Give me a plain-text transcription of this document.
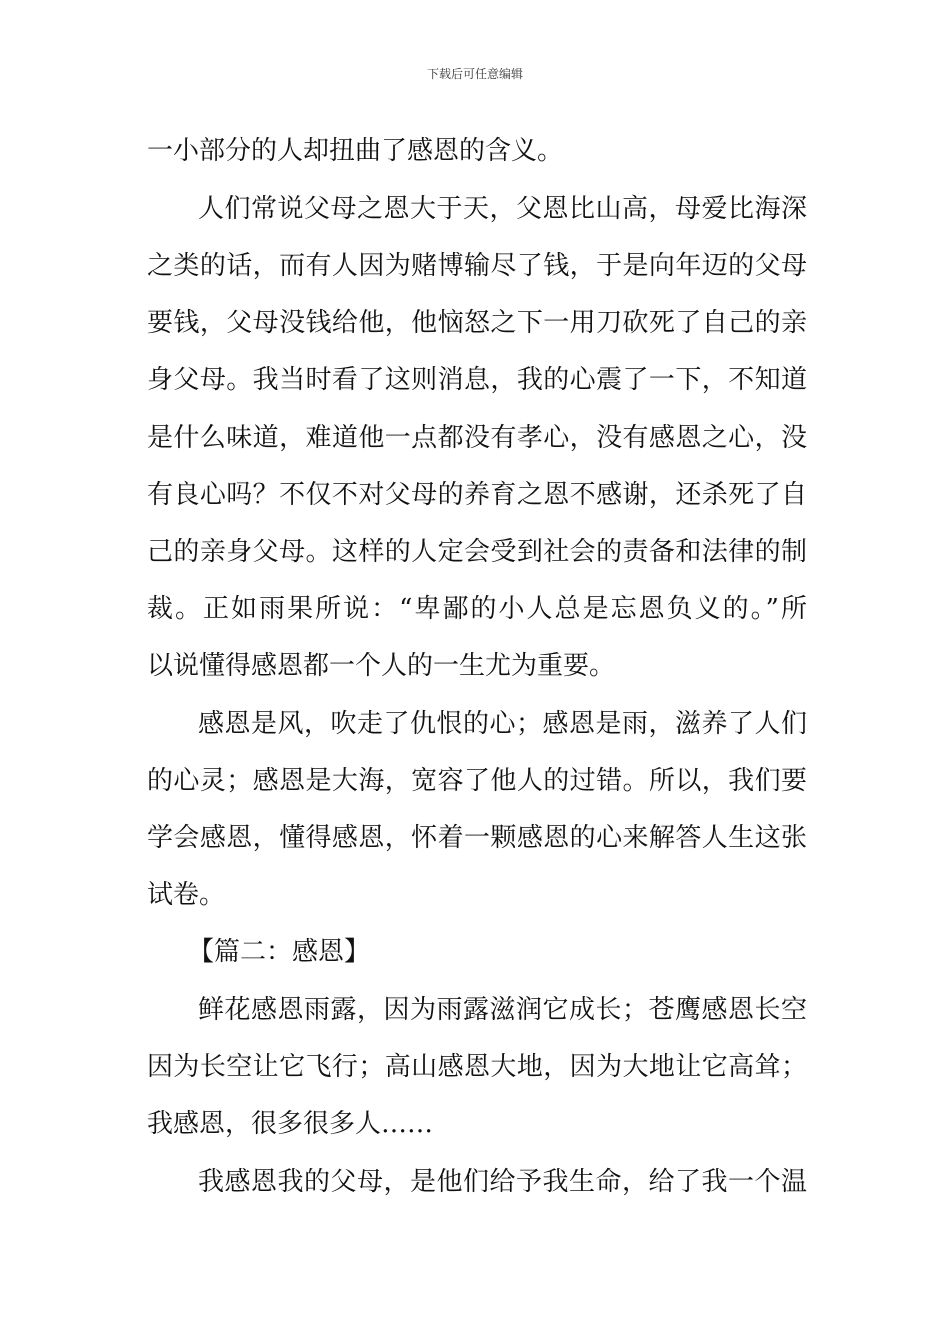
下载后可任意编辑
一小部分的人却扭曲了感恩的含义。
人们常说父母之恩大于天，父恩比山高，母爱比海深
之类的话，而有人因为赌博输尽了钱，于是向年迈的父母
要钱，父母没钱给他，他恼怒之下一用刀砍死了自己的亲
身父母。我当时看了这则消息，我的心震了一下，不知道
是什么味道，难道他一点都没有孝心，没有感恩之心，没
有良心吗？不仅不对父母的养育之恩不感谢，还杀死了自
己的亲身父母。这样的人定会受到社会的责备和法律的制
裁。正如雨果所说：“卑鄙的小人总是忘恩负义的。”所
以说懂得感恩都一个人的一生尤为重要。
感恩是风，吹走了仇恨的心；感恩是雨，滋养了人们
的心灵；感恩是大海，宽容了他人的过错。所以，我们要
学会感恩，懂得感恩，怀着一颗感恩的心来解答人生这张
试卷。
【篇二：感恩】
鲜花感恩雨露，因为雨露滋润它成长；苍鹰感恩长空
因为长空让它飞行；高山感恩大地，因为大地让它高耸；
我感恩，很多很多人……
我感恩我的父母，是他们给予我生命，给了我一个温
